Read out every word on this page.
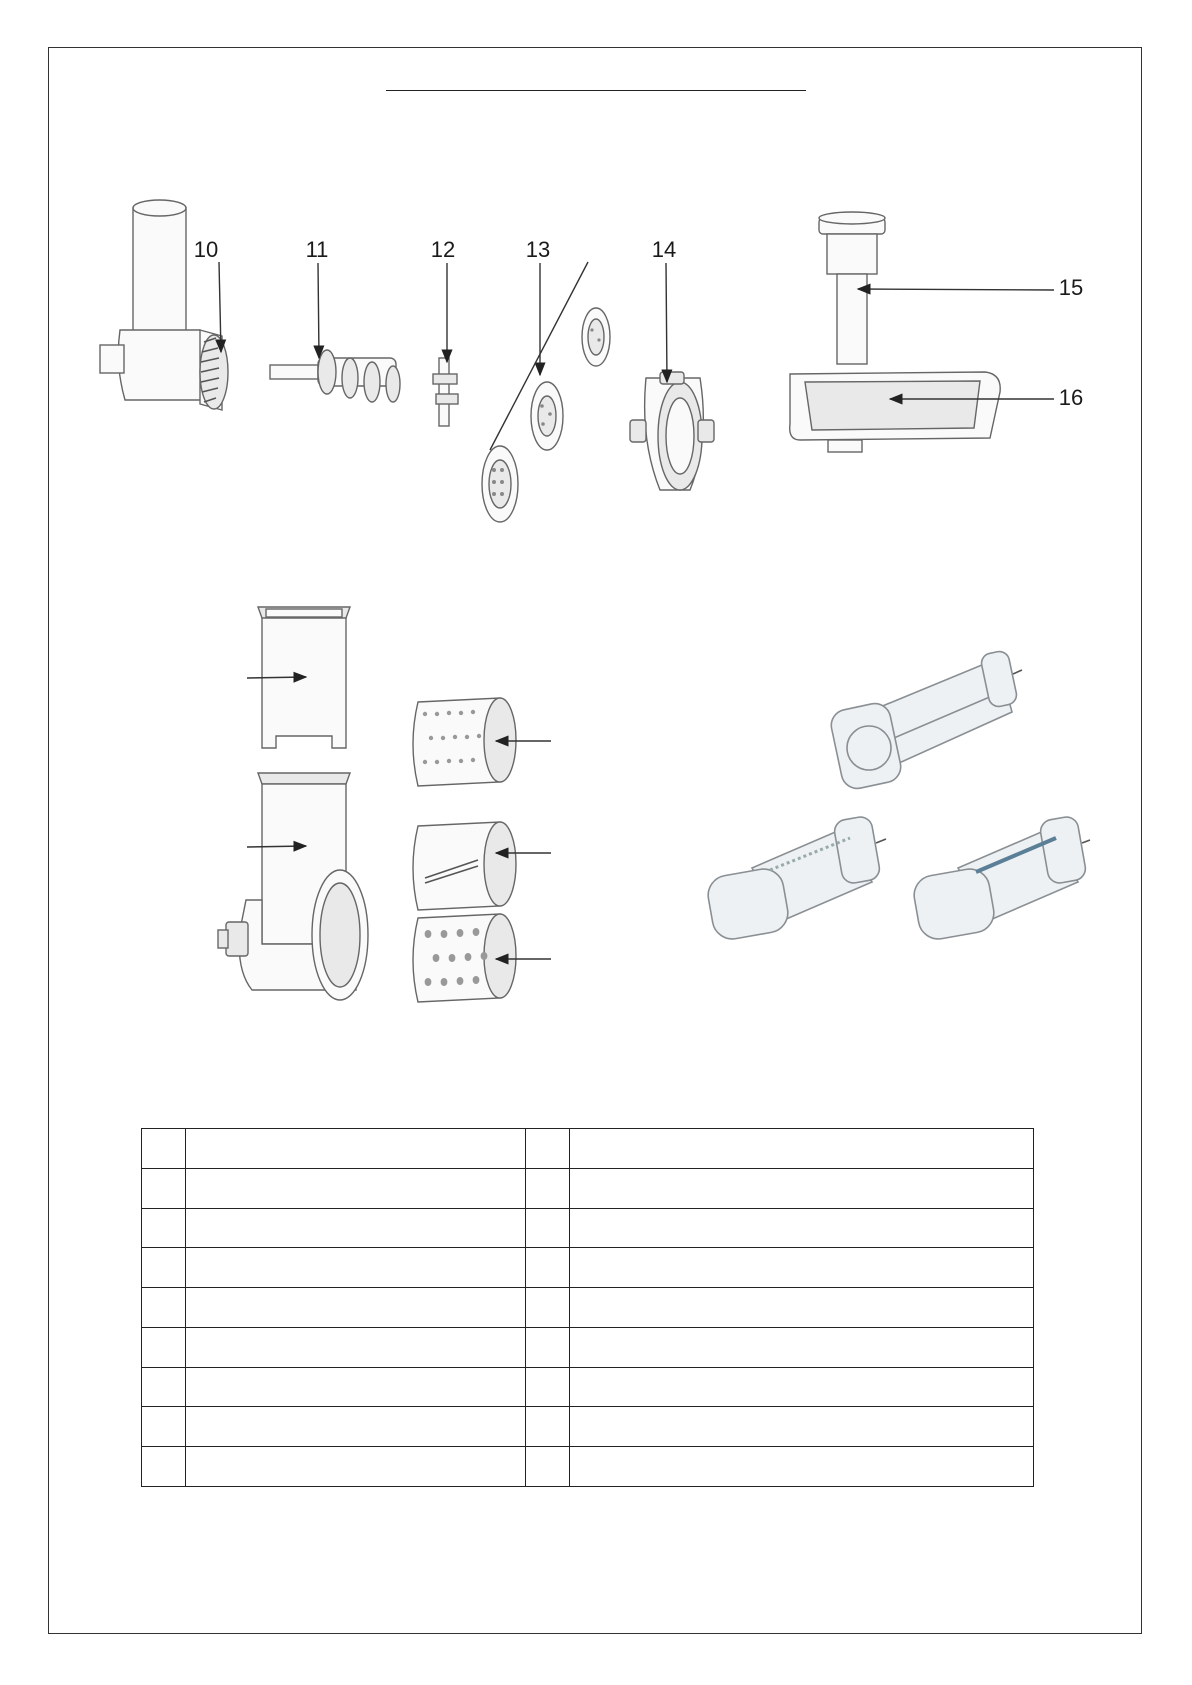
10	11	12	13	14
15
16
